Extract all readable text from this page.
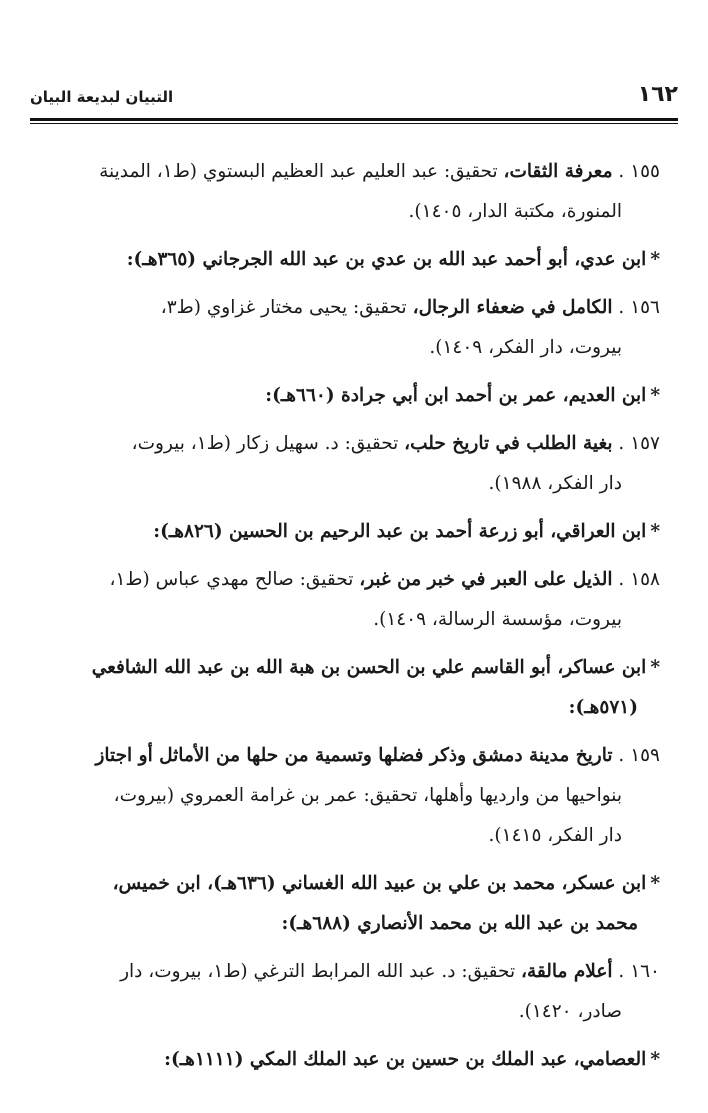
١٦٢
التبيان لبديعة البيان
١٥٥ . معرفة الثقات، تحقيق: عبد العليم عبد العظيم البستوي (ط١، المدينة
المنورة، مكتبة الدار، ١٤٠٥).
*ابن عدي، أبو أحمد عبد الله بن عدي بن عبد الله الجرجاني (٣٦٥هـ):
١٥٦ . الكامل في ضعفاء الرجال، تحقيق: يحيى مختار غزاوي (ط٣،
بيروت، دار الفكر، ١٤٠٩).
*ابن العديم، عمر بن أحمد ابن أبي جرادة (٦٦٠هـ):
١٥٧ . بغية الطلب في تاريخ حلب، تحقيق: د. سهيل زكار (ط١، بيروت،
دار الفكر، ١٩٨٨).
*ابن العراقي، أبو زرعة أحمد بن عبد الرحيم بن الحسين (٨٢٦هـ):
١٥٨ . الذيل على العبر في خبر من غبر، تحقيق: صالح مهدي عباس (ط١،
بيروت، مؤسسة الرسالة، ١٤٠٩).
*ابن عساكر، أبو القاسم علي بن الحسن بن هبة الله بن عبد الله الشافعي
(٥٧١هـ):
١٥٩ . تاريخ مدينة دمشق وذكر فضلها وتسمية من حلها من الأماثل أو اجتاز
بنواحيها من وارديها وأهلها، تحقيق: عمر بن غرامة العمروي (بيروت،
دار الفكر، ١٤١٥).
*ابن عسكر، محمد بن علي بن عبيد الله الغساني (٦٣٦هـ)، ابن خميس،
محمد بن عبد الله بن محمد الأنصاري (٦٨٨هـ):
١٦٠ . أعلام مالقة، تحقيق: د. عبد الله المرابط الترغي (ط١، بيروت، دار
صادر، ١٤٢٠).
*العصامي، عبد الملك بن حسين بن عبد الملك المكي (١١١١هـ):
